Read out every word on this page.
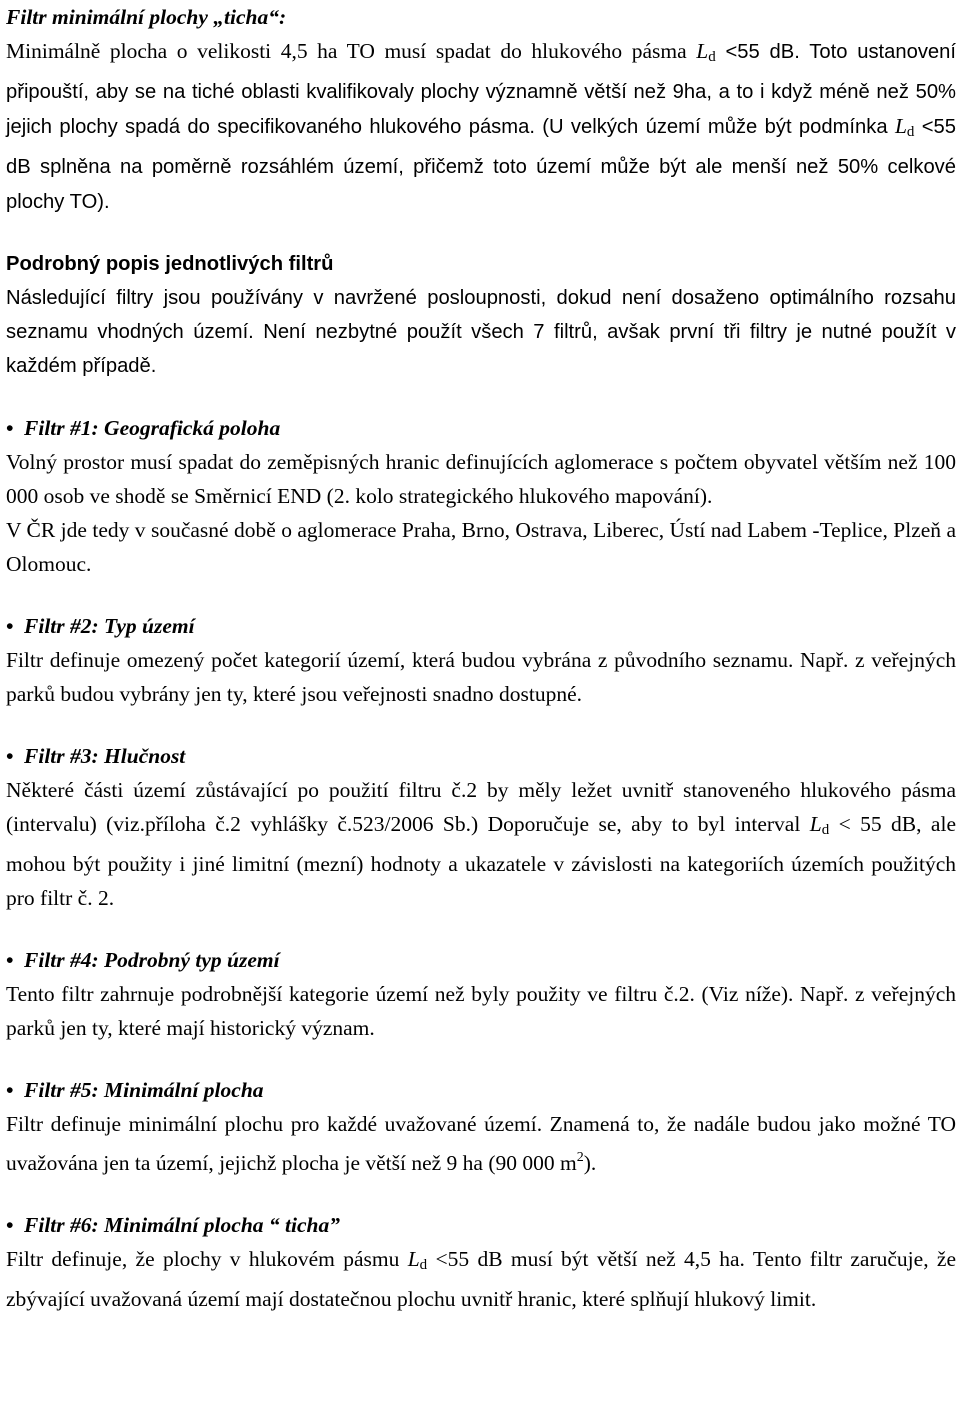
Filtr minimální plochy „ticha“:

Minimálně plocha o velikosti 4,5 ha TO musí spadat do hlukového pásma $L_d <55$ dB. Toto ustanovení připouští, aby se na tiché oblasti kvalifikovaly plochy významně větší než 9ha, a to i když méně než 50% jejich plochy spadá do specifikovaného hlukového pásma. (U velkých území může být podmínka $L_d <55$ dB splněna na poměrně rozsáhlém území, přičemž toto území může být ale menší než 50% celkové plochy TO).

Podrobný popis jednotlivých filtrů

Následující filtry jsou používány v navržené posloupnosti, dokud není dosaženo optimálního rozsahu seznamu vhodných území. Není nezbytné použít všech 7 filtrů, avšak první tři filtry je nutné použít v každém případě.

• Filtr #1: Geografická poloha

Volný prostor musí spadat do zeměpisných hranic definujících aglomerace s počtem obyvatel větším než 100 000 osob ve shodě se Směrnicí END (2. kolo strategického hlukového mapování).

V ČR jde tedy v současné době o aglomerace Praha, Brno, Ostrava, Liberec, Ústí nad Labem -Teplice, Plzeň a Olomouc.

• Filtr #2: Typ území

Filtr definuje omezený počet kategorií území, která budou vybrána z původního seznamu. Např. z veřejných parků budou vybrány jen ty, které jsou veřejnosti snadno dostupné.

• Filtr #3: Hlučnost

Některé části území zůstávající po použití filtru č.2 by měly ležet uvnitř stanoveného hlukového pásma (intervalu) (viz.příloha č.2 vyhlášky č.523/2006 Sb.) Doporučuje se, aby to byl interval $L_d < 55$ dB, ale mohou být použity i jiné limitní (mezní) hodnoty a ukazatele v závislosti na kategoriích územích použitých pro filtr č. 2.

• Filtr #4: Podrobný typ území

Tento filtr zahrnuje podrobnější kategorie území než byly použity ve filtru č.2. (Viz níže). Např. z veřejných parků jen ty, které mají historický význam.

• Filtr #5: Minimální plocha

Filtr definuje minimální plochu pro každé uvažované území. Znamená to, že nadále budou jako možné TO uvažována jen ta území, jejichž plocha je větší než 9 ha (90 000 $m^2$).

• Filtr #6: Minimální plocha “ ticha”

Filtr definuje, že plochy v hlukovém pásmu $L_d <55$ dB musí být větší než 4,5 ha. Tento filtr zaručuje, že zbývající uvažovaná území mají dostatečnou plochu uvnitř hranic, které splňují hlukový limit.
